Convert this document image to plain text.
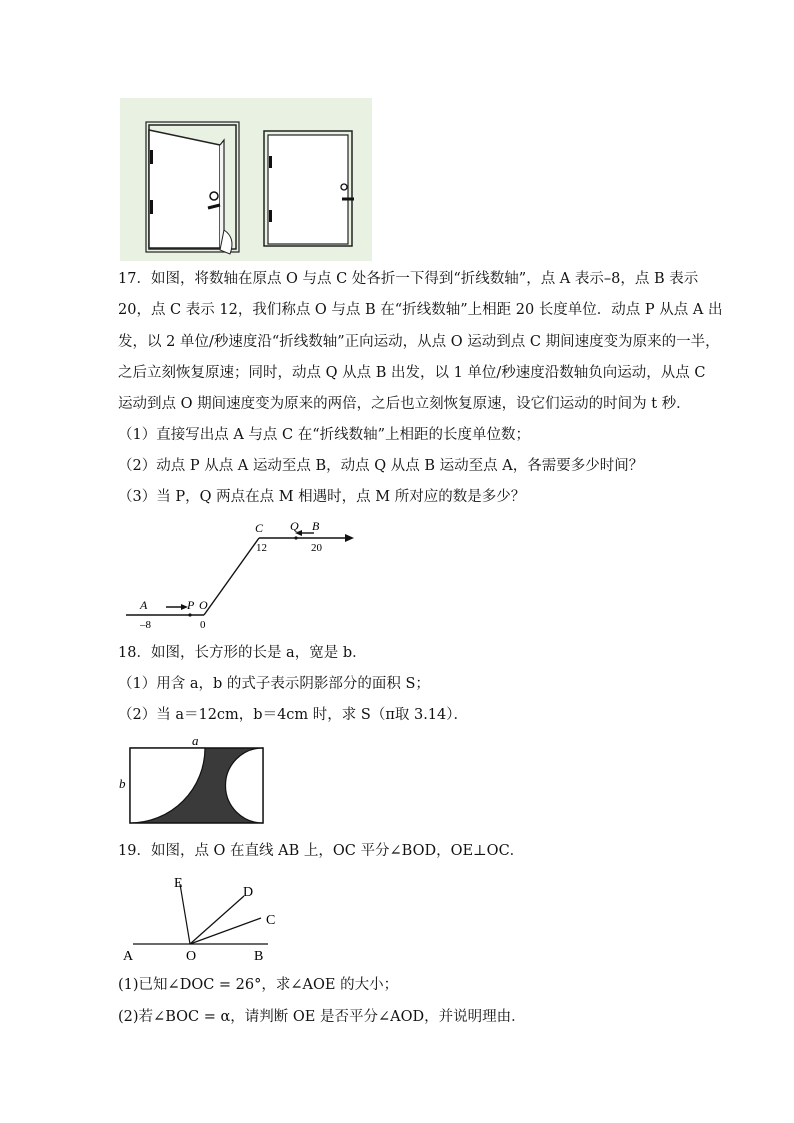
17．如图，将数轴在原点 O 与点 C 处各折一下得到“折线数轴”，点 A 表示–8，点 B 表示
20，点 C 表示 12，我们称点 O 与点 B 在“折线数轴”上相距 20 长度单位．动点 P 从点 A 出
发，以 2 单位/秒速度沿“折线数轴”正向运动，从点 O 运动到点 C 期间速度变为原来的一半，
之后立刻恢复原速；同时，动点 Q 从点 B 出发，以 1 单位/秒速度沿数轴负向运动，从点 C
运动到点 O 期间速度变为原来的两倍，之后也立刻恢复原速，设它们运动的时间为 t 秒．
（1）直接写出点 A 与点 C 在“折线数轴”上相距的长度单位数；
（2）动点 P 从点 A 运动至点 B，动点 Q 从点 B 运动至点 A，各需要多少时间？
（3）当 P，Q 两点在点 M 相遇时，点 M 所对应的数是多少？
A	P O
C Q B
–8	0
12	20
18．如图，长方形的长是 a，宽是 b．
（1）用含 a，b 的式子表示阴影部分的面积 S；
（2）当 a＝12cm，b＝4cm 时，求 S（π取 3.14）．
a
b
19．如图，点 O 在直线 AB 上，OC 平分∠BOD，OE⊥OC．
E
D
C
A	O	B
(1)已知∠DOC = 26°，求∠AOE 的大小；
(2)若∠BOC = α，请判断 OE 是否平分∠AOD，并说明理由．
